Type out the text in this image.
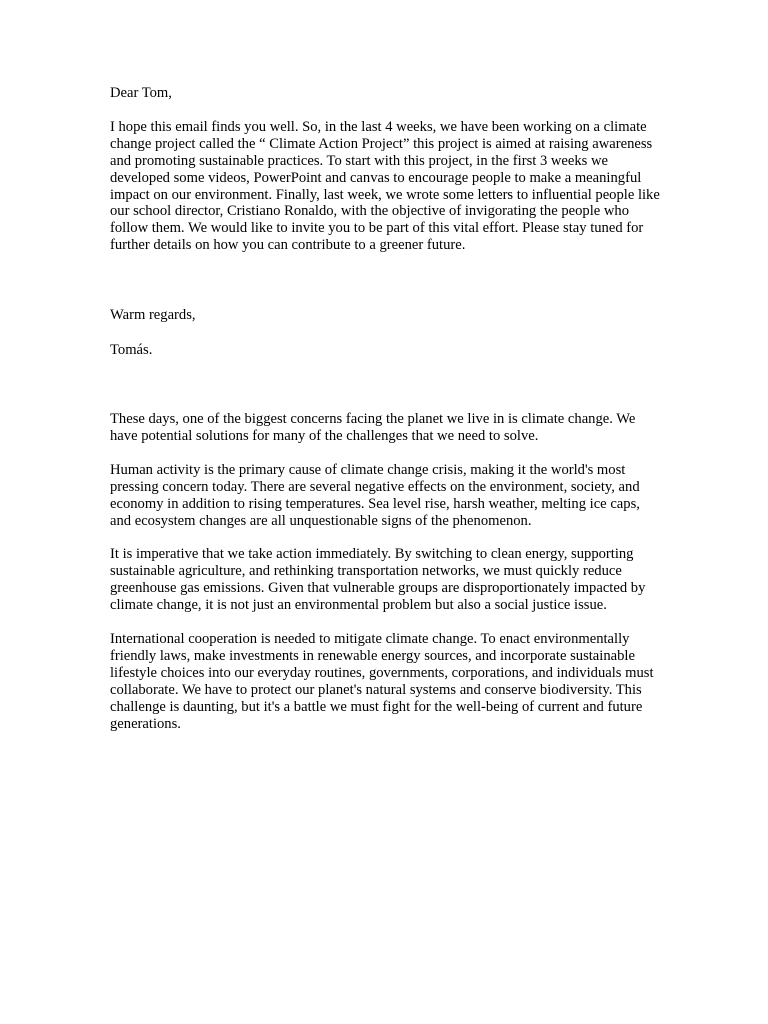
Dear Tom,

I hope this email finds you well. So, in the last 4 weeks, we have been working on a climate change project called the “ Climate Action Project” this project is aimed at raising awareness and promoting sustainable practices. To start with this project, in the first 3 weeks we developed some videos, PowerPoint and canvas to encourage people to make a meaningful impact on our environment. Finally, last week, we wrote some letters to influential people like our school director, Cristiano Ronaldo, with the objective of invigorating the people who follow them. We would like to invite you to be part of this vital effort. Please stay tuned for further details on how you can contribute to a greener future.

Warm regards,

Tomás.

These days, one of the biggest concerns facing the planet we live in is climate change. We have potential solutions for many of the challenges that we need to solve.

Human activity is the primary cause of climate change crisis, making it the world's most pressing concern today. There are several negative effects on the environment, society, and economy in addition to rising temperatures. Sea level rise, harsh weather, melting ice caps, and ecosystem changes are all unquestionable signs of the phenomenon.

It is imperative that we take action immediately. By switching to clean energy, supporting sustainable agriculture, and rethinking transportation networks, we must quickly reduce greenhouse gas emissions. Given that vulnerable groups are disproportionately impacted by climate change, it is not just an environmental problem but also a social justice issue.

International cooperation is needed to mitigate climate change. To enact environmentally friendly laws, make investments in renewable energy sources, and incorporate sustainable lifestyle choices into our everyday routines, governments, corporations, and individuals must collaborate. We have to protect our planet's natural systems and conserve biodiversity. This challenge is daunting, but it's a battle we must fight for the well-being of current and future generations.
